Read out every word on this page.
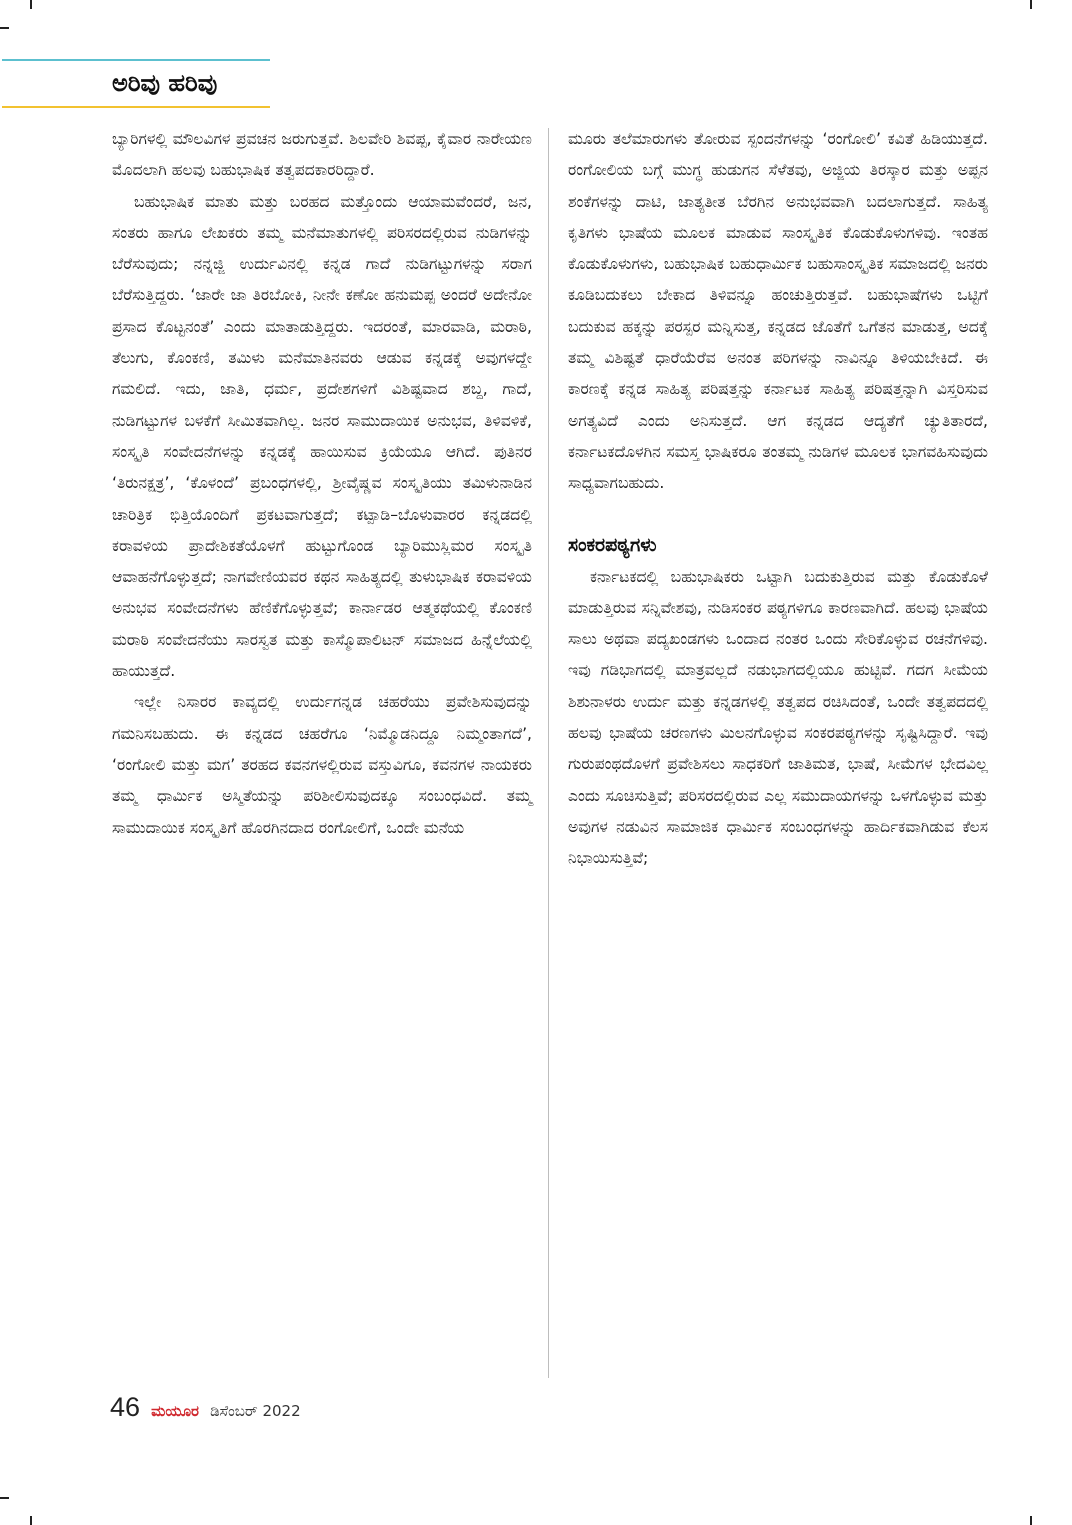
ಅರಿವು ಹರಿವು

ಬ್ಯಾರಿಗಳಲ್ಲಿ ಮೌಲವಿಗಳ ಪ್ರವಚನ ಜರುಗುತ್ತವೆ. ಶಿಲವೇರಿ ಶಿವಪ್ಪ, ಕೈವಾರ ನಾರೇಯಣ ಮೊದಲಾಗಿ ಹಲವು ಬಹುಭಾಷಿಕ ತತ್ವಪದಕಾರರಿದ್ದಾರೆ.

ಬಹುಭಾಷಿಕ ಮಾತು ಮತ್ತು ಬರಹದ ಮತ್ತೊಂದು ಆಯಾಮವೆಂದರೆ, ಜನ, ಸಂತರು ಹಾಗೂ ಲೇಖಕರು ತಮ್ಮ ಮನೆಮಾತುಗಳಲ್ಲಿ ಪರಿಸರದಲ್ಲಿರುವ ನುಡಿಗಳನ್ನು ಬೆರೆಸುವುದು; ನನ್ನಜ್ಜಿ ಉರ್ದುವಿನಲ್ಲಿ ಕನ್ನಡ ಗಾದೆ ನುಡಿಗಟ್ಟುಗಳನ್ನು ಸರಾಗ ಬೆರೆಸುತ್ತಿದ್ದರು. ‘ಜಾರೇ ಜಾ ತಿರಬೋಕಿ, ನೀನೇ ಕಣೋ ಹನುಮಪ್ಪ ಅಂದರೆ ಅದೇನೋ ಪ್ರಸಾದ ಕೊಟ್ಟನಂತೆ’ ಎಂದು ಮಾತಾಡುತ್ತಿದ್ದರು. ಇದರಂತೆ, ಮಾರವಾಡಿ, ಮರಾಠಿ, ತೆಲುಗು, ಕೊಂಕಣಿ, ತಮಿಳು ಮನೆಮಾತಿನವರು ಆಡುವ ಕನ್ನಡಕ್ಕೆ ಅವುಗಳದ್ದೇ ಗಮಲಿದೆ. ಇದು, ಜಾತಿ, ಧರ್ಮ, ಪ್ರದೇಶಗಳಿಗೆ ವಿಶಿಷ್ಟವಾದ ಶಬ್ದ, ಗಾದೆ, ನುಡಿಗಟ್ಟುಗಳ ಬಳಕೆಗೆ ಸೀಮಿತವಾಗಿಲ್ಲ. ಜನರ ಸಾಮುದಾಯಿಕ ಅನುಭವ, ತಿಳಿವಳಿಕೆ, ಸಂಸ್ಕೃತಿ ಸಂವೇದನೆಗಳನ್ನು ಕನ್ನಡಕ್ಕೆ ಹಾಯಿಸುವ ಕ್ರಿಯೆಯೂ ಆಗಿದೆ. ಪುತಿನರ ‘ತಿರುನಕ್ಷತ್ರ’, ‘ಕೊಳಂದೆ’ ಪ್ರಬಂಧಗಳಲ್ಲಿ, ಶ್ರೀವೈಷ್ಣವ ಸಂಸ್ಕೃತಿಯು ತಮಿಳುನಾಡಿನ ಚಾರಿತ್ರಿಕ ಭಿತ್ತಿಯೊಂದಿಗೆ ಪ್ರಕಟವಾಗುತ್ತದೆ; ಕಟ್ಪಾಡಿ–ಬೊಳುವಾರರ ಕನ್ನಡದಲ್ಲಿ ಕರಾವಳಿಯ ಪ್ರಾದೇಶಿಕತೆಯೊಳಗೆ ಹುಟ್ಟುಗೊಂಡ ಬ್ಯಾರಿಮುಸ್ಲಿಮರ ಸಂಸ್ಕೃತಿ ಆವಾಹನೆಗೊಳ್ಳುತ್ತದೆ; ನಾಗವೇಣಿಯವರ ಕಥನ ಸಾಹಿತ್ಯದಲ್ಲಿ ತುಳುಭಾಷಿಕ ಕರಾವಳಿಯ ಅನುಭವ ಸಂವೇದನೆಗಳು ಹೆಣಿಕೆಗೊಳ್ಳುತ್ತವೆ; ಕಾರ್ನಾಡರ ಆತ್ಮಕಥೆಯಲ್ಲಿ ಕೊಂಕಣಿ ಮರಾಠಿ ಸಂವೇದನೆಯು ಸಾರಸ್ವತ ಮತ್ತು ಕಾಸ್ಮೊಪಾಲಿಟನ್ ಸಮಾಜದ ಹಿನ್ನೆಲೆಯಲ್ಲಿ ಹಾಯುತ್ತದೆ.

ಇಲ್ಲೇ ನಿಸಾರರ ಕಾವ್ಯದಲ್ಲಿ ಉರ್ದುಗನ್ನಡ ಚಹರೆಯು ಪ್ರವೇಶಿಸುವುದನ್ನು ಗಮನಿಸಬಹುದು. ಈ ಕನ್ನಡದ ಚಹರೆಗೂ ‘ನಿಮ್ಮೊಡನಿದ್ದೂ ನಿಮ್ಮಂತಾಗದೆ’, ‘ರಂಗೋಲಿ ಮತ್ತು ಮಗ’ ತರಹದ ಕವನಗಳಲ್ಲಿರುವ ವಸ್ತುವಿಗೂ, ಕವನಗಳ ನಾಯಕರು ತಮ್ಮ ಧಾರ್ಮಿಕ ಅಸ್ಮಿತೆಯನ್ನು ಪರಿಶೀಲಿಸುವುದಕ್ಕೂ ಸಂಬಂಧವಿದೆ. ತಮ್ಮ ಸಾಮುದಾಯಿಕ ಸಂಸ್ಕೃತಿಗೆ ಹೊರಗಿನದಾದ ರಂಗೋಲಿಗೆ, ಒಂದೇ ಮನೆಯ

ಮೂರು ತಲೆಮಾರುಗಳು ತೋರುವ ಸ್ಪಂದನೆಗಳನ್ನು ‘ರಂಗೋಲಿ’ ಕವಿತೆ ಹಿಡಿಯುತ್ತದೆ. ರಂಗೋಲಿಯ ಬಗ್ಗೆ ಮುಗ್ಧ ಹುಡುಗನ ಸೆಳೆತವು, ಅಜ್ಜಿಯ ತಿರಸ್ಕಾರ ಮತ್ತು ಅಪ್ಪನ ಶಂಕೆಗಳನ್ನು ದಾಟಿ, ಜಾತ್ಯತೀತ ಬೆರಗಿನ ಅನುಭವವಾಗಿ ಬದಲಾಗುತ್ತದೆ. ಸಾಹಿತ್ಯ ಕೃತಿಗಳು ಭಾಷೆಯ ಮೂಲಕ ಮಾಡುವ ಸಾಂಸ್ಕೃತಿಕ ಕೊಡುಕೊಳುಗಳಿವು. ಇಂತಹ ಕೊಡುಕೊಳುಗಳು, ಬಹುಭಾಷಿಕ ಬಹುಧಾರ್ಮಿಕ ಬಹುಸಾಂಸ್ಕೃತಿಕ ಸಮಾಜದಲ್ಲಿ ಜನರು ಕೂಡಿಬದುಕಲು ಬೇಕಾದ ತಿಳಿವನ್ನೂ ಹಂಚುತ್ತಿರುತ್ತವೆ. ಬಹುಭಾಷೆಗಳು ಒಟ್ಟಿಗೆ ಬದುಕುವ ಹಕ್ಕನ್ನು ಪರಸ್ಪರ ಮನ್ನಿಸುತ್ತ, ಕನ್ನಡದ ಜೊತೆಗೆ ಒಗೆತನ ಮಾಡುತ್ತ, ಅದಕ್ಕೆ ತಮ್ಮ ವಿಶಿಷ್ಟತೆ ಧಾರೆಯೆರೆವ ಅನಂತ ಪರಿಗಳನ್ನು ನಾವಿನ್ನೂ ತಿಳಿಯಬೇಕಿದೆ. ಈ ಕಾರಣಕ್ಕೆ ಕನ್ನಡ ಸಾಹಿತ್ಯ ಪರಿಷತ್ತನ್ನು ಕರ್ನಾಟಕ ಸಾಹಿತ್ಯ ಪರಿಷತ್ತನ್ನಾಗಿ ವಿಸ್ತರಿಸುವ ಅಗತ್ಯವಿದೆ ಎಂದು ಅನಿಸುತ್ತದೆ. ಆಗ ಕನ್ನಡದ ಆದ್ಯತೆಗೆ ಚ್ಯುತಿತಾರದೆ, ಕರ್ನಾಟಕದೊಳಗಿನ ಸಮಸ್ತ ಭಾಷಿಕರೂ ತಂತಮ್ಮ ನುಡಿಗಳ ಮೂಲಕ ಭಾಗವಹಿಸುವುದು ಸಾಧ್ಯವಾಗಬಹುದು.

ಸಂಕರಪಠ್ಯಗಳು

ಕರ್ನಾಟಕದಲ್ಲಿ ಬಹುಭಾಷಿಕರು ಒಟ್ಟಾಗಿ ಬದುಕುತ್ತಿರುವ ಮತ್ತು ಕೊಡುಕೊಳೆ ಮಾಡುತ್ತಿರುವ ಸನ್ನಿವೇಶವು, ನುಡಿಸಂಕರ ಪಠ್ಯಗಳಿಗೂ ಕಾರಣವಾಗಿದೆ. ಹಲವು ಭಾಷೆಯ ಸಾಲು ಅಥವಾ ಪದ್ಯಖಂಡಗಳು ಒಂದಾದ ನಂತರ ಒಂದು ಸೇರಿಕೊಳ್ಳುವ ರಚನೆಗಳಿವು. ಇವು ಗಡಿಭಾಗದಲ್ಲಿ ಮಾತ್ರವಲ್ಲದೆ ನಡುಭಾಗದಲ್ಲಿಯೂ ಹುಟ್ಟಿವೆ. ಗದಗ ಸೀಮೆಯ ಶಿಶುನಾಳರು ಉರ್ದು ಮತ್ತು ಕನ್ನಡಗಳಲ್ಲಿ ತತ್ವಪದ ರಚಿಸಿದಂತೆ, ಒಂದೇ ತತ್ವಪದದಲ್ಲಿ ಹಲವು ಭಾಷೆಯ ಚರಣಗಳು ಮಿಲನಗೊಳ್ಳುವ ಸಂಕರಪಠ್ಯಗಳನ್ನು ಸೃಷ್ಟಿಸಿದ್ದಾರೆ. ಇವು ಗುರುಪಂಥದೊಳಗೆ ಪ್ರವೇಶಿಸಲು ಸಾಧಕರಿಗೆ ಜಾತಿಮತ, ಭಾಷೆ, ಸೀಮೆಗಳ ಭೇದವಿಲ್ಲ ಎಂದು ಸೂಚಿಸುತ್ತಿವೆ; ಪರಿಸರದಲ್ಲಿರುವ ಎಲ್ಲ ಸಮುದಾಯಗಳನ್ನು ಒಳಗೊಳ್ಳುವ ಮತ್ತು ಅವುಗಳ ನಡುವಿನ ಸಾಮಾಜಿಕ ಧಾರ್ಮಿಕ ಸಂಬಂಧಗಳನ್ನು ಹಾರ್ದಿಕವಾಗಿಡುವ ಕೆಲಸ ನಿಭಾಯಿಸುತ್ತಿವೆ;

46 ಮಯೂರ ಡಿಸೆಂಬರ್ 2022
